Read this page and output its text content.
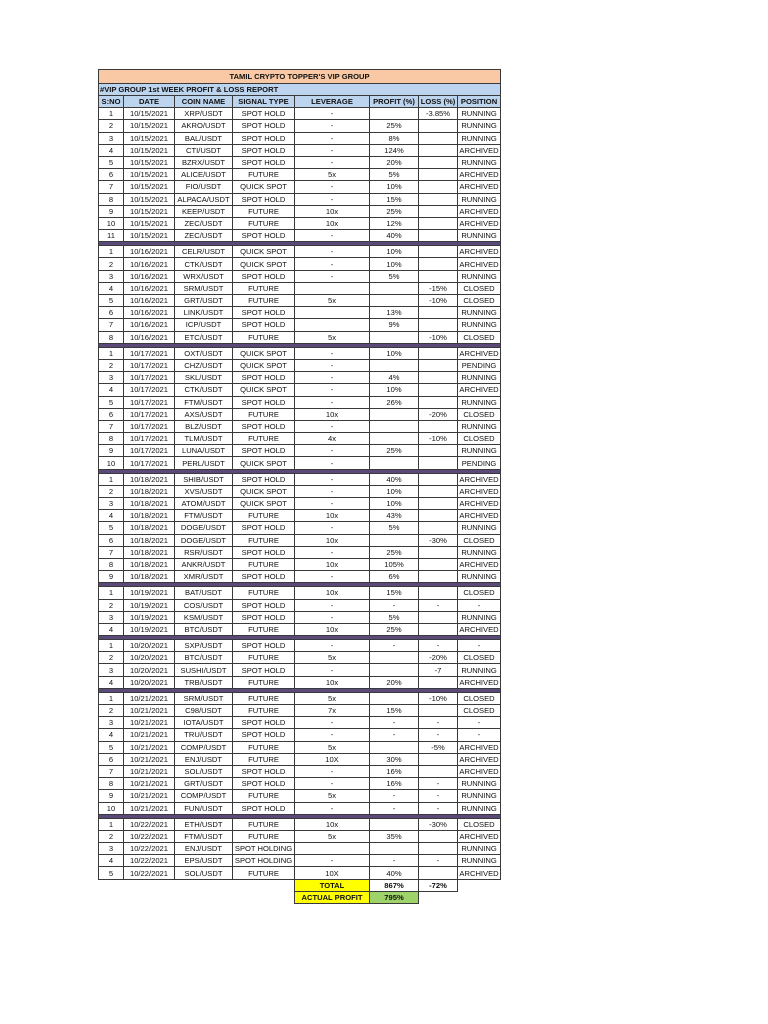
TAMIL CRYPTO TOPPER'S VIP GROUP							
#VIP GROUP 1st WEEK PROFIT & LOSS REPORT							
S:NO	DATE	COIN NAME	SIGNAL TYPE	LEVERAGE	PROFIT (%)	LOSS (%)	POSITION
1	10/15/2021	XRP/USDT	SPOT HOLD	-		-3.85%	RUNNING
2	10/15/2021	AKRO/USDT	SPOT HOLD	-	25%		RUNNING
3	10/15/2021	BAL/USDT	SPOT HOLD	-	8%		RUNNING
4	10/15/2021	CTI/USDT	SPOT HOLD	-	124%		ARCHIVED
5	10/15/2021	BZRX/USDT	SPOT HOLD	-	20%		RUNNING
6	10/15/2021	ALICE/USDT	FUTURE	5x	5%		ARCHIVED
7	10/15/2021	FIO/USDT	QUICK SPOT	-	10%		ARCHIVED
8	10/15/2021	ALPACA/USDT	SPOT HOLD	-	15%		RUNNING
9	10/15/2021	KEEP/USDT	FUTURE	10x	25%		ARCHIVED
10	10/15/2021	ZEC/USDT	FUTURE	10x	12%		ARCHIVED
11	10/15/2021	ZEC/USDT	SPOT HOLD	-	40%		RUNNING

1	10/16/2021	CELR/USDT	QUICK SPOT	-	10%		ARCHIVED
2	10/16/2021	CTK/USDT	QUICK SPOT	-	10%		ARCHIVED
3	10/16/2021	WRX/USDT	SPOT HOLD	-	5%		RUNNING
4	10/16/2021	SRM/USDT	FUTURE			-15%	CLOSED
5	10/16/2021	GRT/USDT	FUTURE	5x		-10%	CLOSED
6	10/16/2021	LINK/USDT	SPOT HOLD		13%		RUNNING
7	10/16/2021	ICP/USDT	SPOT HOLD		9%		RUNNING
8	10/16/2021	ETC/USDT	FUTURE	5x		-10%	CLOSED

1	10/17/2021	OXT/USDT	QUICK SPOT	-	10%		ARCHIVED
2	10/17/2021	CHZ/USDT	QUICK SPOT	-			PENDING
3	10/17/2021	SKL/USDT	SPOT HOLD	-	4%		RUNNING
4	10/17/2021	CTK/USDT	QUICK SPOT	-	10%		ARCHIVED
5	10/17/2021	FTM/USDT	SPOT HOLD	-	26%		RUNNING
6	10/17/2021	AXS/USDT	FUTURE	10x		-20%	CLOSED
7	10/17/2021	BLZ/USDT	SPOT HOLD	-			RUNNING
8	10/17/2021	TLM/USDT	FUTURE	4x		-10%	CLOSED
9	10/17/2021	LUNA/USDT	SPOT HOLD	-	25%		RUNNING
10	10/17/2021	PERL/USDT	QUICK SPOT	-			PENDING

1	10/18/2021	SHIB/USDT	SPOT HOLD	-	40%		ARCHIVED
2	10/18/2021	XVS/USDT	QUICK SPOT	-	10%		ARCHIVED
3	10/18/2021	ATOM/USDT	QUICK SPOT	-	10%		ARCHIVED
4	10/18/2021	FTM/USDT	FUTURE	10x	43%		ARCHIVED
5	10/18/2021	DOGE/USDT	SPOT HOLD	-	5%		RUNNING
6	10/18/2021	DOGE/USDT	FUTURE	10x		-30%	CLOSED
7	10/18/2021	RSR/USDT	SPOT HOLD	-	25%		RUNNING
8	10/18/2021	ANKR/USDT	FUTURE	10x	105%		ARCHIVED
9	10/18/2021	XMR/USDT	SPOT HOLD	-	6%		RUNNING

1	10/19/2021	BAT/USDT	FUTURE	10x	15%		CLOSED
2	10/19/2021	COS/USDT	SPOT HOLD	-	-	-	-
3	10/19/2021	KSM/USDT	SPOT HOLD	-	5%		RUNNING
4	10/19/2021	BTC/USDT	FUTURE	10x	25%		ARCHIVED

1	10/20/2021	SXP/USDT	SPOT HOLD	-	-	-	-
2	10/20/2021	BTC/USDT	FUTURE	5x		-20%	CLOSED
3	10/20/2021	SUSHI/USDT	SPOT HOLD	-		-7	RUNNING
4	10/20/2021	TRB/USDT	FUTURE	10x	20%		ARCHIVED

1	10/21/2021	SRM/USDT	FUTURE	5x		-10%	CLOSED
2	10/21/2021	C98/USDT	FUTURE	7x	15%		CLOSED
3	10/21/2021	IOTA/USDT	SPOT HOLD	-	-	-	-
4	10/21/2021	TRU/USDT	SPOT HOLD	-	-	-	-
5	10/21/2021	COMP/USDT	FUTURE	5x		-5%	ARCHIVED
6	10/21/2021	ENJ/USDT	FUTURE	10X	30%		ARCHIVED
7	10/21/2021	SOL/USDT	SPOT HOLD	-	16%		ARCHIVED
8	10/21/2021	GRT/USDT	SPOT HOLD	-	16%	-	RUNNING
9	10/21/2021	COMP/USDT	FUTURE	5x	-	-	RUNNING
10	10/21/2021	FUN/USDT	SPOT HOLD	-	-	-	RUNNING

1	10/22/2021	ETH/USDT	FUTURE	10x		-30%	CLOSED
2	10/22/2021	FTM/USDT	FUTURE	5x	35%		ARCHIVED
3	10/22/2021	ENJ/USDT	SPOT HOLDING				RUNNING
4	10/22/2021	EPS/USDT	SPOT HOLDING	-	-	-	RUNNING
5	10/22/2021	SOL/USDT	FUTURE	10X	40%		ARCHIVED
				TOTAL	867%	-72%	
				ACTUAL PROFIT	795%		
